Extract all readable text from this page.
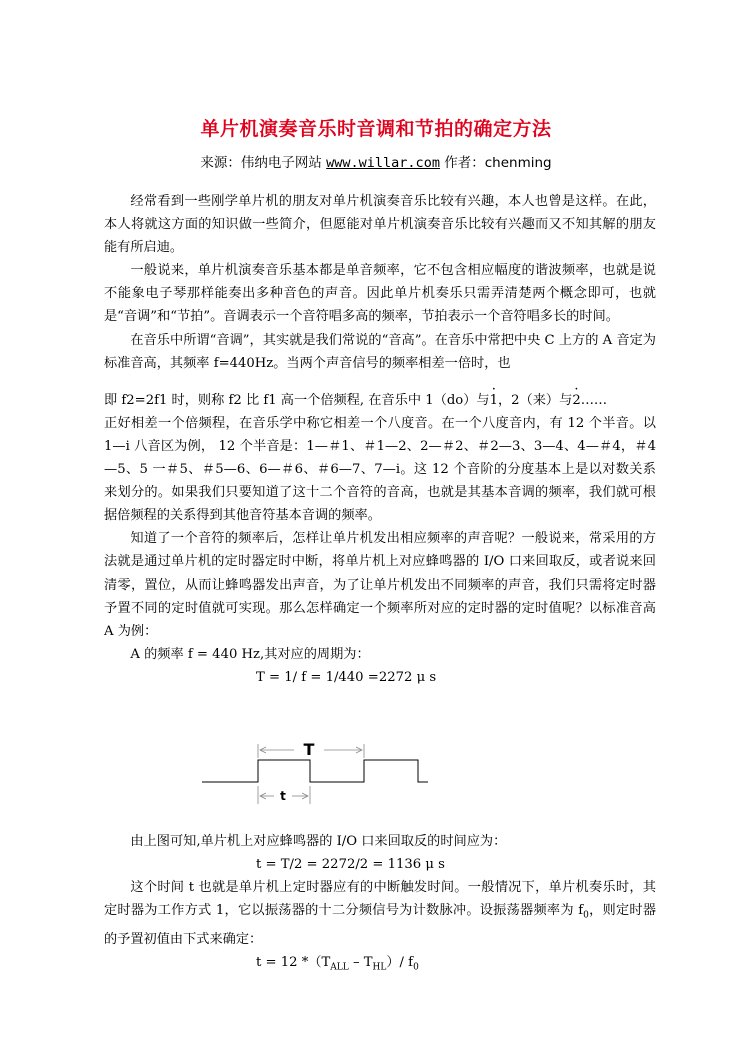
单片机演奏音乐时音调和节拍的确定方法
来源：伟纳电子网站 www.willar.com 作者：chenming

经常看到一些刚学单片机的朋友对单片机演奏音乐比较有兴趣，本人也曾是这样。在此，本人将就这方面的知识做一些简介，但愿能对单片机演奏音乐比较有兴趣而又不知其解的朋友能有所启迪。

一般说来，单片机演奏音乐基本都是单音频率，它不包含相应幅度的谐波频率，也就是说不能象电子琴那样能奏出多种音色的声音。因此单片机奏乐只需弄清楚两个概念即可，也就是“音调”和“节拍”。音调表示一个音符唱多高的频率，节拍表示一个音符唱多长的时间。

在音乐中所谓“音调”，其实就是我们常说的“音高”。在音乐中常把中央 C 上方的 A 音定为标准音高，其频率 f=440Hz。当两个声音信号的频率相差一倍时，也

即 f2=2f1 时，则称 f2 比 f1 高一个倍频程, 在音乐中 1（do）与· 1，2（来）与· 2……

正好相差一个倍频程，在音乐学中称它相差一个八度音。在一个八度音内，有 12 个半音。以 1—i 八音区为例， 12 个半音是：1—＃1、＃1—2、2—＃2、＃2—3、3—4、4—＃4，＃4—5、5 一＃5、＃5—6、6—＃6、＃6—7、7—i。这 12 个音阶的分度基本上是以对数关系来划分的。如果我们只要知道了这十二个音符的音高，也就是其基本音调的频率，我们就可根据倍频程的关系得到其他音符基本音调的频率。

知道了一个音符的频率后，怎样让单片机发出相应频率的声音呢？一般说来，常采用的方法就是通过单片机的定时器定时中断，将单片机上对应蜂鸣器的 I/O 口来回取反，或者说来回清零，置位，从而让蜂鸣器发出声音，为了让单片机发出不同频率的声音，我们只需将定时器予置不同的定时值就可实现。那么怎样确定一个频率所对应的定时器的定时值呢？以标准音高 A 为例：

A 的频率 f = 440 Hz,其对应的周期为：

T = 1/ f = 1/440 =2272 μ s

T
t

由上图可知,单片机上对应蜂鸣器的 I/O 口来回取反的时间应为：

t = T/2 = 2272/2 = 1136 μ s

这个时间 t 也就是单片机上定时器应有的中断触发时间。一般情况下，单片机奏乐时，其定时器为工作方式 1，它以振荡器的十二分频信号为计数脉冲。设振荡器频率为 $f_0$，则定时器的予置初值由下式来确定：

t = 12 $*(T_{ALL} - T_{HL})/$ $f_0$
